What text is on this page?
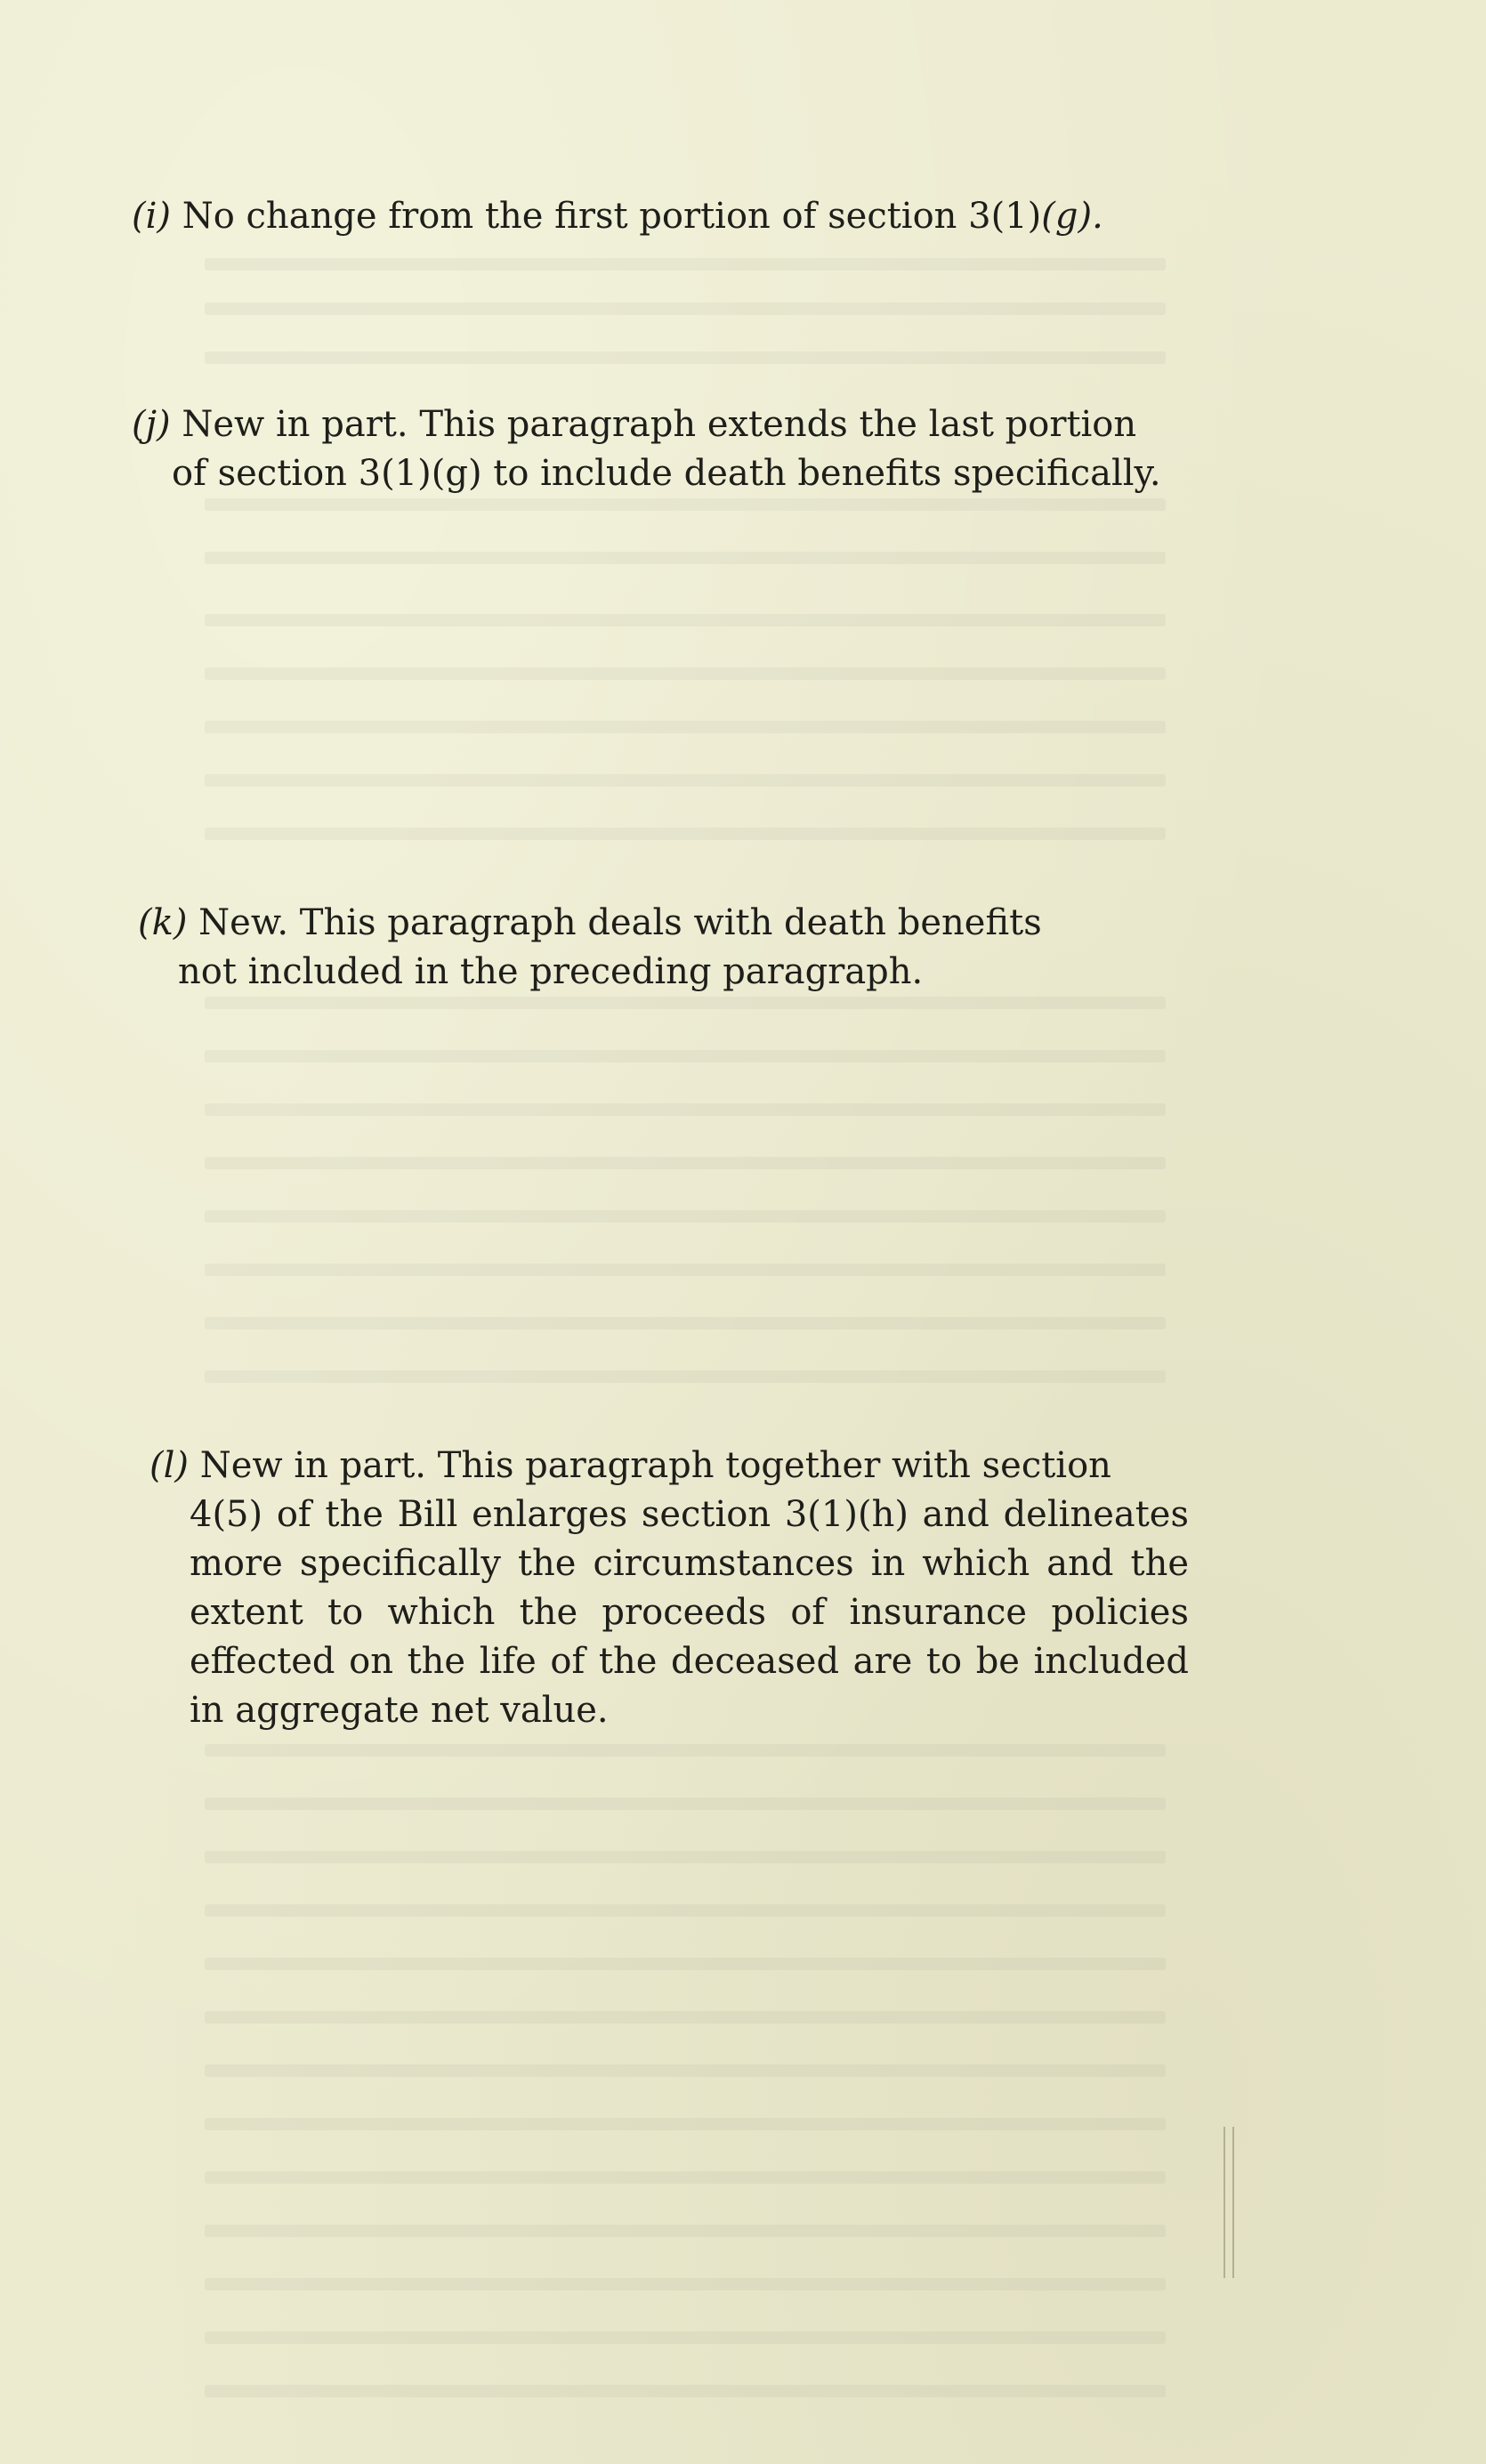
(i) No change from the first portion of section 3(1)(g).

(j) New in part. This paragraph extends the last portion
of section 3(1)(g) to include death benefits specifically.

(k) New. This paragraph deals with death benefits
not included in the preceding paragraph.

(l) New in part. This paragraph together with section
4(5) of the Bill enlarges section 3(1)(h) and delineates more specifically the circumstances in which and the extent to which the proceeds of insurance policies effected on the life of the deceased are to be included in aggregate net value.
